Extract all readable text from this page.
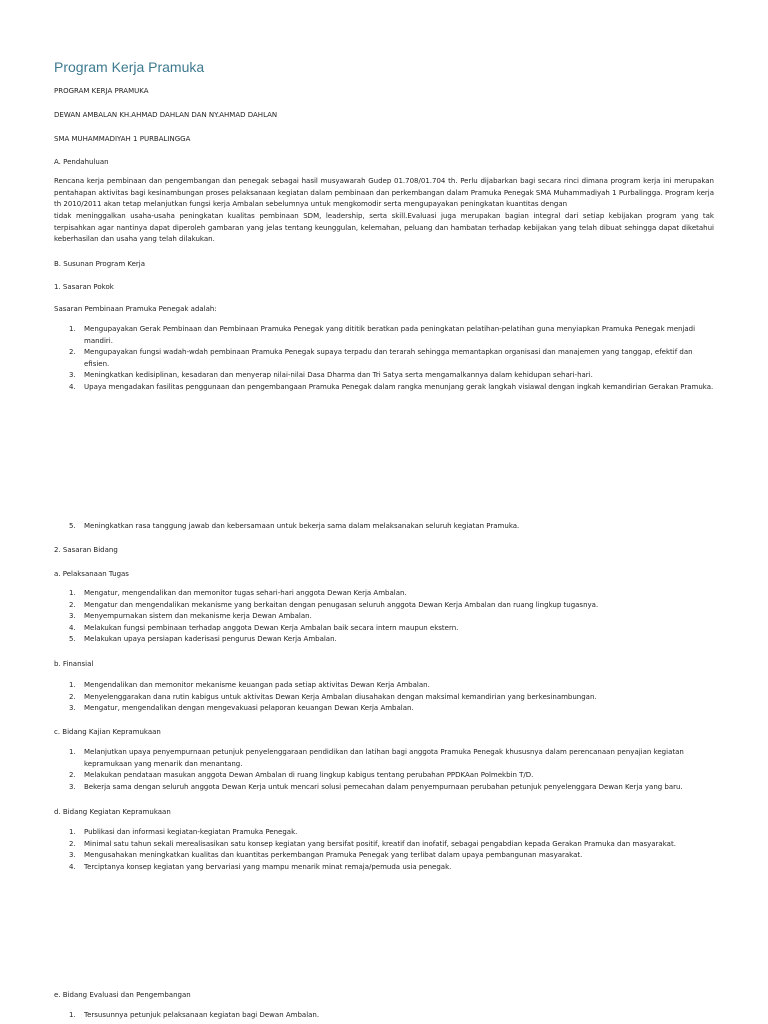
Program Kerja Pramuka
PROGRAM KERJA PRAMUKA
DEWAN AMBALAN KH.AHMAD DAHLAN DAN NY.AHMAD DAHLAN
SMA MUHAMMADIYAH 1 PURBALINGGA
A. Pendahuluan

Rencana kerja pembinaan dan pengembangan dan penegak sebagai hasil musyawarah Gudep 01.708/01.704 th. Perlu dijabarkan bagi secara rinci dimana program kerja ini merupakan pentahapan aktivitas bagi kesinambungan proses pelaksanaan kegiatan dalam pembinaan dan perkembangan dalam Pramuka Penegak SMA Muhammadiyah 1 Purbalingga. Program kerja th 2010/2011 akan tetap melanjutkan fungsi kerja Ambalan sebelumnya untuk mengkomodir serta mengupayakan peningkatan kuantitas dengan

tidak meninggalkan usaha-usaha peningkatan kualitas pembinaan SDM, leadership, serta skill.Evaluasi juga merupakan bagian integral dari setiap kebijakan program yang tak terpisahkan agar nantinya dapat diperoleh gambaran yang jelas tentang keunggulan, kelemahan, peluang dan hambatan terhadap kebijakan yang telah dibuat sehingga dapat diketahui keberhasilan dan usaha yang telah dilakukan.

B. Susunan Program Kerja
1. Sasaran Pokok
Sasaran Pembinaan Pramuka Penegak adalah:
1. Mengupayakan Gerak Pembinaan dan Pembinaan Pramuka Penegak yang dititik beratkan pada peningkatan pelatihan-pelatihan guna menyiapkan Pramuka Penegak menjadi mandiri.
2. Mengupayakan fungsi wadah-wdah pembinaan Pramuka Penegak supaya terpadu dan terarah sehingga memantapkan organisasi dan manajemen yang tanggap, efektif dan efisien.
3. Meningkatkan kedisiplinan, kesadaran dan menyerap nilai-nilai Dasa Dharma dan Tri Satya serta mengamalkannya dalam kehidupan sehari-hari.
4. Upaya mengadakan fasilitas penggunaan dan pengembangaan Pramuka Penegak dalam rangka menunjang gerak langkah visiawal dengan ingkah kemandirian Gerakan Pramuka.
5. Meningkatkan rasa tanggung jawab dan kebersamaan untuk bekerja sama dalam melaksanakan seluruh kegiatan Pramuka.
2. Sasaran Bidang
a. Pelaksanaan Tugas
1. Mengatur, mengendalikan dan memonitor tugas sehari-hari anggota Dewan Kerja Ambalan.
2. Mengatur dan mengendalikan mekanisme yang berkaitan dengan penugasan seluruh anggota Dewan Kerja Ambalan dan ruang lingkup tugasnya.
3. Menyempurnakan sistem dan mekanisme kerja Dewan Ambalan.
4. Melakukan fungsi pembinaan terhadap anggota Dewan Kerja Ambalan baik secara intern maupun ekstern.
5. Melakukan upaya persiapan kaderisasi pengurus Dewan Kerja Ambalan.
b. Finansial
1. Mengendalikan dan memonitor mekanisme keuangan pada setiap aktivitas Dewan Kerja Ambalan.
2. Menyelenggarakan dana rutin kabigus untuk aktivitas Dewan Kerja Ambalan diusahakan dengan maksimal kemandirian yang berkesinambungan.
3. Mengatur, mengendalikan dengan mengevakuasi pelaporan keuangan Dewan Kerja Ambalan.
c. Bidang Kajian Kepramukaan
1. Melanjutkan upaya penyempurnaan petunjuk penyelenggaraan pendidikan dan latihan bagi anggota Pramuka Penegak khususnya dalam perencanaan penyajian kegiatan kepramukaan yang menarik dan menantang.
2. Melakukan pendataan masukan anggota Dewan Ambalan di ruang lingkup kabigus tentang perubahan PPDKAan Polmekbin T/D.
3. Bekerja sama dengan seluruh anggota Dewan Kerja untuk mencari solusi pemecahan dalam penyempurnaan perubahan petunjuk penyelenggara Dewan Kerja yang baru.
d. Bidang Kegiatan Kepramukaan
1. Publikasi dan informasi kegiatan-kegiatan Pramuka Penegak.
2. Minimal satu tahun sekali merealisasikan satu konsep kegiatan yang bersifat positif, kreatif dan inofatif, sebagai pengabdian kepada Gerakan Pramuka dan masyarakat.
3. Mengusahakan meningkatkan kualitas dan kuantitas perkembangan Pramuka Penegak yang terlibat dalam upaya pembangunan masyarakat.
4. Terciptanya konsep kegiatan yang bervariasi yang mampu menarik minat remaja/pemuda usia penegak.
e. Bidang Evaluasi dan Pengembangan
1. Tersusunnya petunjuk pelaksanaan kegiatan bagi Dewan Ambalan.
